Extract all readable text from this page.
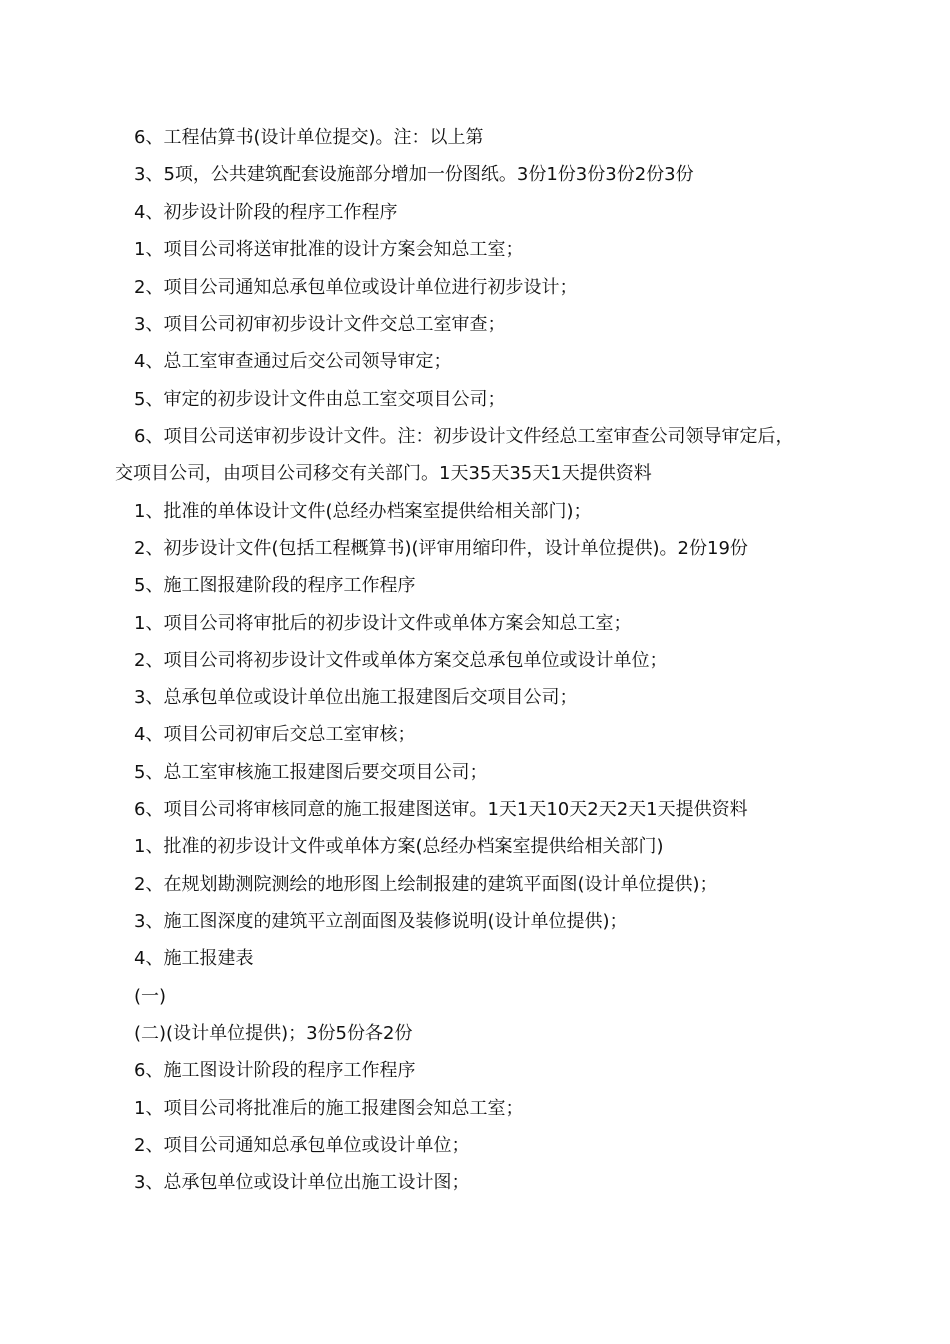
6、工程估算书(设计单位提交)。注：以上第
3、5项，公共建筑配套设施部分增加一份图纸。3份1份3份3份2份3份
4、初步设计阶段的程序工作程序
1、项目公司将送审批准的设计方案会知总工室；
2、项目公司通知总承包单位或设计单位进行初步设计；
3、项目公司初审初步设计文件交总工室审查；
4、总工室审查通过后交公司领导审定；
5、审定的初步设计文件由总工室交项目公司；
6、项目公司送审初步设计文件。注：初步设计文件经总工室审查公司领导审定后，
交项目公司，由项目公司移交有关部门。1天35天35天1天提供资料
1、批准的单体设计文件(总经办档案室提供给相关部门)；
2、初步设计文件(包括工程概算书)(评审用缩印件，设计单位提供)。2份19份
5、施工图报建阶段的程序工作程序
1、项目公司将审批后的初步设计文件或单体方案会知总工室；
2、项目公司将初步设计文件或单体方案交总承包单位或设计单位；
3、总承包单位或设计单位出施工报建图后交项目公司；
4、项目公司初审后交总工室审核；
5、总工室审核施工报建图后要交项目公司；
6、项目公司将审核同意的施工报建图送审。1天1天10天2天2天1天提供资料
1、批准的初步设计文件或单体方案(总经办档案室提供给相关部门)
2、在规划勘测院测绘的地形图上绘制报建的建筑平面图(设计单位提供)；
3、施工图深度的建筑平立剖面图及装修说明(设计单位提供)；
4、施工报建表
(一)
(二)(设计单位提供)；3份5份各2份
6、施工图设计阶段的程序工作程序
1、项目公司将批准后的施工报建图会知总工室；
2、项目公司通知总承包单位或设计单位；
3、总承包单位或设计单位出施工设计图；
